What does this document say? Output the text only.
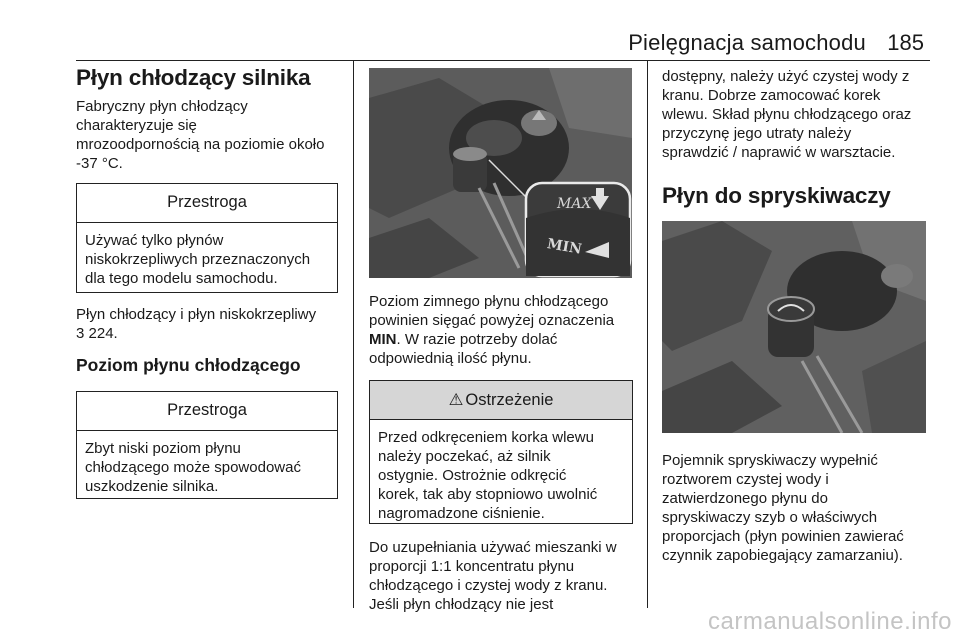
Pielęgnacja samochodu 185
Płyn chłodzący silnika

Fabryczny płyn chłodzący

charakteryzuje się

mrozoodpornością na poziomie około

-37 °C.

Przestroga
Używać tylko płynów
niskokrzepliwych przeznaczonych
dla tego modelu samochodu.

Płyn chłodzący i płyn niskokrzepliwy

3 224.

Poziom płynu chłodzącego
Przestroga
Zbyt niski poziom płynu
chłodzącego może spowodować
uszkodzenie silnika.
MAX
MIN

Poziom zimnego płynu chłodzącego

powinien sięgać powyżej oznaczenia

MIN. W razie potrzeby dolać

odpowiednią ilość płynu.

⚠ Ostrzeżenie
Przed odkręceniem korka wlewu
należy poczekać, aż silnik
ostygnie. Ostrożnie odkręcić
korek, tak aby stopniowo uwolnić
nagromadzone ciśnienie.

Do uzupełniania używać mieszanki w

proporcji 1:1 koncentratu płynu

chłodzącego i czystej wody z kranu.

Jeśli płyn chłodzący nie jest

dostępny, należy użyć czystej wody z

kranu. Dobrze zamocować korek

wlewu. Skład płynu chłodzącego oraz

przyczynę jego utraty należy

sprawdzić / naprawić w warsztacie.

Płyn do spryskiwaczy

Pojemnik spryskiwaczy wypełnić

roztworem czystej wody i

zatwierdzonego płynu do

spryskiwaczy szyb o właściwych

proporcjach (płyn powinien zawierać

czynnik zapobiegający zamarzaniu).

carmanualsonline.info
